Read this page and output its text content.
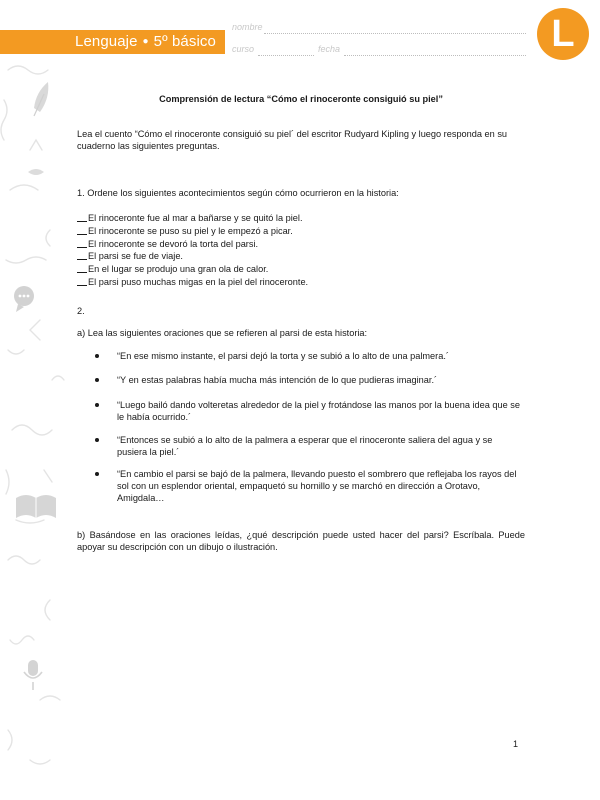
Lenguaje ● 5º básico
nombre
curso	fecha	L
Comprensión de lectura “Cómo el rinoceronte consiguió su piel”
Lea el cuento “Cómo el rinoceronte consiguió su piel´ del escritor Rudyard Kipling y luego responda en su cuaderno las siguientes preguntas.
1. Ordene los siguientes acontecimientos según cómo ocurrieron en la historia:
El rinoceronte fue al mar a bañarse y se quitó la piel.
El rinoceronte se puso su piel y le empezó a picar.
El rinoceronte se devoró la torta del parsi.
El parsi se fue de viaje.
En el lugar se produjo una gran ola de calor.
El parsi puso muchas migas en la piel del rinoceronte.
2.
a) Lea las siguientes oraciones que se refieren al parsi de esta historia:
“En ese mismo instante, el parsi dejó la torta y se subió a lo alto de una palmera.´
“Y en estas palabras había mucha más intención de lo que pudieras imaginar.´
“Luego bailó dando volteretas alrededor de la piel y frotándose las manos por la buena idea que se le había ocurrido.´
“Entonces se subió a lo alto de la palmera a esperar que el rinoceronte saliera del agua y se pusiera la piel.´
“En cambio el parsi se bajó de la palmera, llevando puesto el sombrero que reflejaba los rayos del sol con un esplendor oriental, empaquetó su hornillo y se marchó en dirección a Orotavo, Amigdala…
b) Basándose en las oraciones leídas, ¿qué descripción puede usted hacer del parsi? Escríbala. Puede apoyar su descripción con un dibujo o ilustración.
1
